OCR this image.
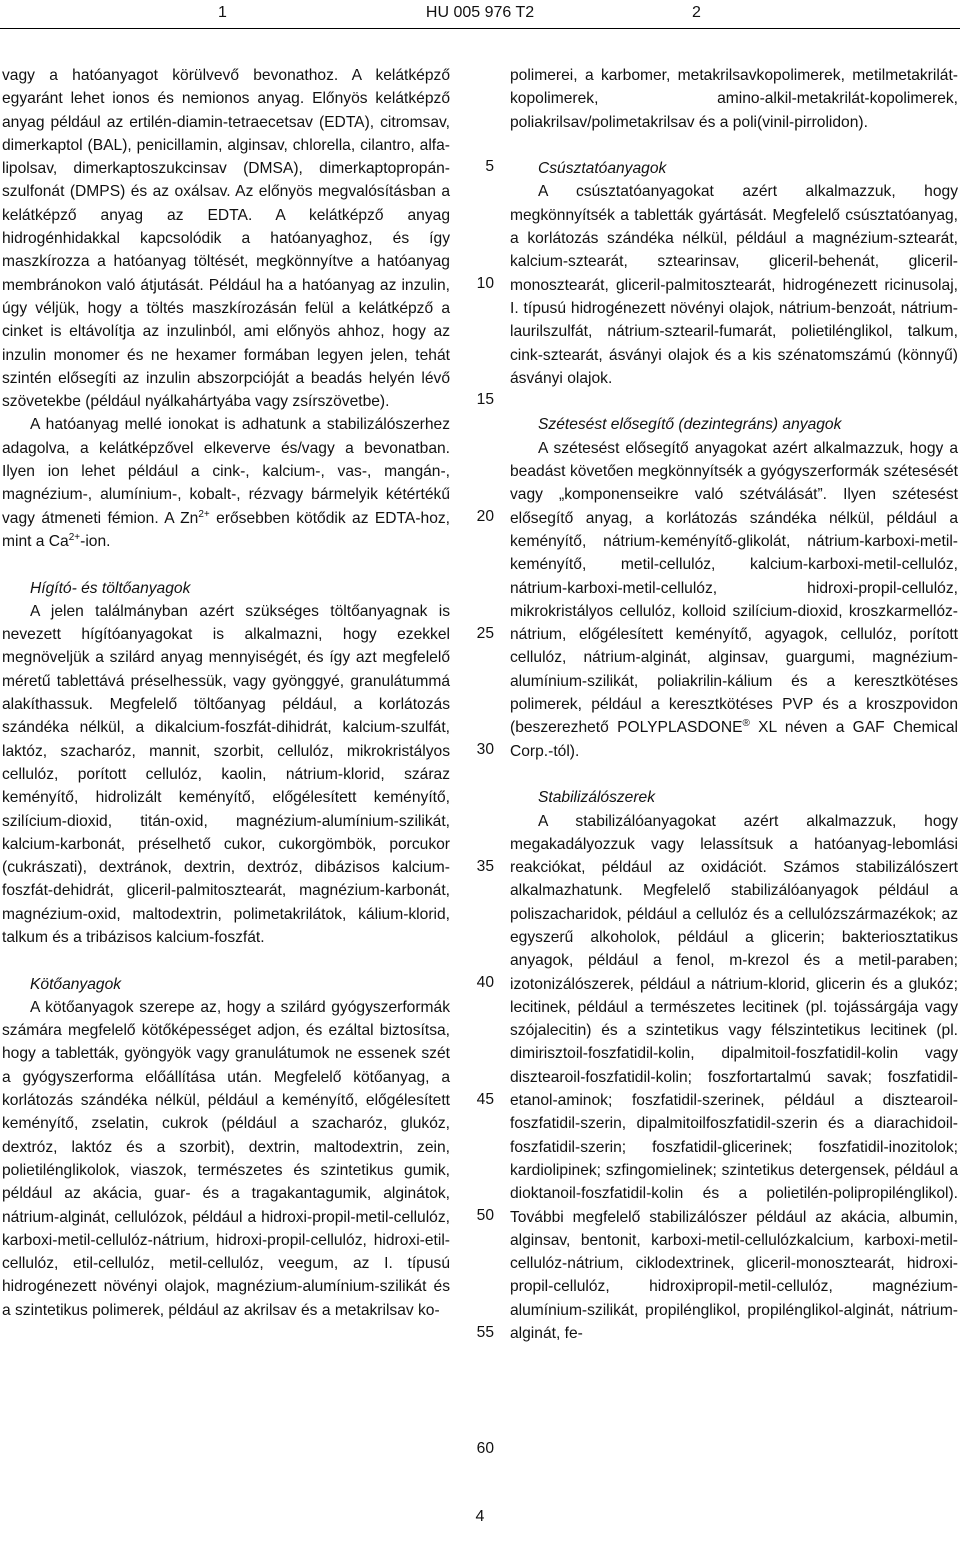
1	HU 005 976 T2	2

vagy a hatóanyagot körülvevő bevonathoz. A kelátképző egyaránt lehet ionos és nemionos anyag. Előnyös kelátképző anyag például az ertilén-diamin-tetraecetsav (EDTA), citromsav, dimerkaptol (BAL), penicillamin, alginsav, chlorella, cilantro, alfa-lipolsav, dimerkaptoszukcinsav (DMSA), dimerkaptopropán-szulfonát (DMPS) és az oxálsav. Az előnyös megvalósításban a kelátképző anyag az EDTA. A kelátképző anyag hidrogénhidakkal kapcsolódik a hatóanyaghoz, és így maszkírozza a hatóanyag töltését, megkönnyítve a hatóanyag membránokon való átjutását. Például ha a hatóanyag az inzulin, úgy véljük, hogy a töltés maszkírozásán felül a kelátképző a cinket is eltávolítja az inzulinból, ami előnyös ahhoz, hogy az inzulin monomer és ne hexamer formában legyen jelen, tehát szintén elősegíti az inzulin abszorpcióját a beadás helyén lévő szövetekbe (például nyálkahártyába vagy zsírszövetbe).

A hatóanyag mellé ionokat is adhatunk a stabilizálószerhez adagolva, a kelátképzővel elkeverve és/vagy a bevonatban. Ilyen ion lehet például a cink-, kalcium-, vas-, mangán-, magnézium-, alumínium-, kobalt-, rézvagy bármelyik kétértékű vagy átmeneti fémion. A $Zn^{2+}$ erősebben kötődik az EDTA-hoz, mint a $Ca^{2+}$-ion.

Hígító- és töltőanyagok

A jelen találmányban azért szükséges töltőanyagnak is nevezett hígítóanyagokat is alkalmazni, hogy ezekkel megnöveljük a szilárd anyag mennyiségét, és így azt megfelelő méretű tablettává préselhessük, vagy gyönggyé, granulátummá alakíthassuk. Megfelelő töltőanyag például, a korlátozás szándéka nélkül, a dikalcium-foszfát-dihidrát, kalcium-szulfát, laktóz, szacharóz, mannit, szorbit, cellulóz, mikrokristályos cellulóz, porított cellulóz, kaolin, nátrium-klorid, száraz keményítő, hidrolizált keményítő, előgélesített keményítő, szilícium-dioxid, titán-oxid, magnézium-alumínium-szilikát, kalcium-karbonát, préselhető cukor, cukorgömbök, porcukor (cukrászati), dextránok, dextrin, dextróz, dibázisos kalcium-foszfát-dehidrát, gliceril-palmitosztearát, magnézium-karbonát, magnézium-oxid, maltodextrin, polimetakrilátok, kálium-klorid, talkum és a tribázisos kalcium-foszfát.

Kötőanyagok

A kötőanyagok szerepe az, hogy a szilárd gyógyszerformák számára megfelelő kötőképességet adjon, és ezáltal biztosítsa, hogy a tabletták, gyöngyök vagy granulátumok ne essenek szét a gyógyszerforma előállítása után. Megfelelő kötőanyag, a korlátozás szándéka nélkül, például a keményítő, előgélesített keményítő, zselatin, cukrok (például a szacharóz, glukóz, dextróz, laktóz és a szorbit), dextrin, maltodextrin, zein, polietilénglikolok, viaszok, természetes és szintetikus gumik, például az akácia, guar- és a tragakantagumik, alginátok, nátrium-alginát, cellulózok, például a hidroxi-propil-metil-cellulóz, karboxi-metil-cellulóz-nátrium, hidroxi-propil-cellulóz, hidroxi-etil-cellulóz, etil-cellulóz, metil-cellulóz, veegum, az I. típusú hidrogénezett növényi olajok, magnézium-alumínium-szilikát és a szintetikus polimerek, például az akrilsav és a metakrilsav ko-

5
10
15
20
25
30
35
40
45
50
55
60

polimerei, a karbomer, metakrilsavkopolimerek, metilmetakrilát-kopolimerek, amino-alkil-metakrilát-kopolimerek, poliakrilsav/polimetakrilsav és a poli(vinil-pirrolidon).

Csúsztatóanyagok

A csúsztatóanyagokat azért alkalmazzuk, hogy megkönnyítsék a tabletták gyártását. Megfelelő csúsztatóanyag, a korlátozás szándéka nélkül, például a magnézium-sztearát, kalcium-sztearát, sztearinsav, gliceril-behenát, gliceril-monosztearát, gliceril-palmitosztearát, hidrogénezett ricinusolaj, I. típusú hidrogénezett növényi olajok, nátrium-benzoát, nátrium-laurilszulfát, nátrium-sztearil-fumarát, polietilénglikol, talkum, cink-sztearát, ásványi olajok és a kis szénatomszámú (könnyű) ásványi olajok.

Szétesést elősegítő (dezintegráns) anyagok

A szétesést elősegítő anyagokat azért alkalmazzuk, hogy a beadást követően megkönnyítsék a gyógyszerformák szétesését vagy „komponenseikre való szétválását”. Ilyen szétesést elősegítő anyag, a korlátozás szándéka nélkül, például a keményítő, nátrium-keményítő-glikolát, nátrium-karboxi-metil-keményítő, metil-cellulóz, kalcium-karboxi-metil-cellulóz, nátrium-karboxi-metil-cellulóz, hidroxi-propil-cellulóz, mikrokristályos cellulóz, kolloid szilícium-dioxid, kroszkarmellóz-nátrium, előgélesített keményítő, agyagok, cellulóz, porított cellulóz, nátrium-alginát, alginsav, guargumi, magnézium-alumínium-szilikát, poliakrilin-kálium és a keresztkötéses polimerek, például a keresztkötéses PVP és a kroszpovidon (beszerezhető POLYPLASDONE® XL néven a GAF Chemical Corp.-tól).

Stabilizálószerek

A stabilizálóanyagokat azért alkalmazzuk, hogy megakadályozzuk vagy lelassítsuk a hatóanyag-lebomlási reakciókat, például az oxidációt. Számos stabilizálószert alkalmazhatunk. Megfelelő stabilizálóanyagok például a poliszacharidok, például a cellulóz és a cellulózszármazékok; az egyszerű alkoholok, például a glicerin; bakteriosztatikus anyagok, például a fenol, m-krezol és a metil-paraben; izotonizálószerek, például a nátrium-klorid, glicerin és a glukóz; lecitinek, például a természetes lecitinek (pl. tojássárgája vagy szójalecitin) és a szintetikus vagy félszintetikus lecitinek (pl. dimirisztoil-foszfatidil-kolin, dipalmitoil-foszfatidil-kolin vagy disztearoil-foszfatidil-kolin; foszfortartalmú savak; foszfatidil-etanol-aminok; foszfatidil-szerinek, például a disztearoil-foszfatidil-szerin, dipalmitoilfoszfatidil-szerin és a diarachidoil-foszfatidil-szerin; foszfatidil-glicerinek; foszfatidil-inozitolok; kardiolipinek; szfingomielinek; szintetikus detergensek, például a dioktanoil-foszfatidil-kolin és a polietilén-polipropilénglikol). További megfelelő stabilizálószer például az akácia, albumin, alginsav, bentonit, karboxi-metil-cellulózkalcium, karboxi-metil-cellulóz-nátrium, ciklodextrinek, gliceril-monosztearát, hidroxi-propil-cellulóz, hidroxipropil-metil-cellulóz, magnézium-alumínium-szilikát, propilénglikol, propilénglikol-alginát, nátrium-alginát, fe-

4
